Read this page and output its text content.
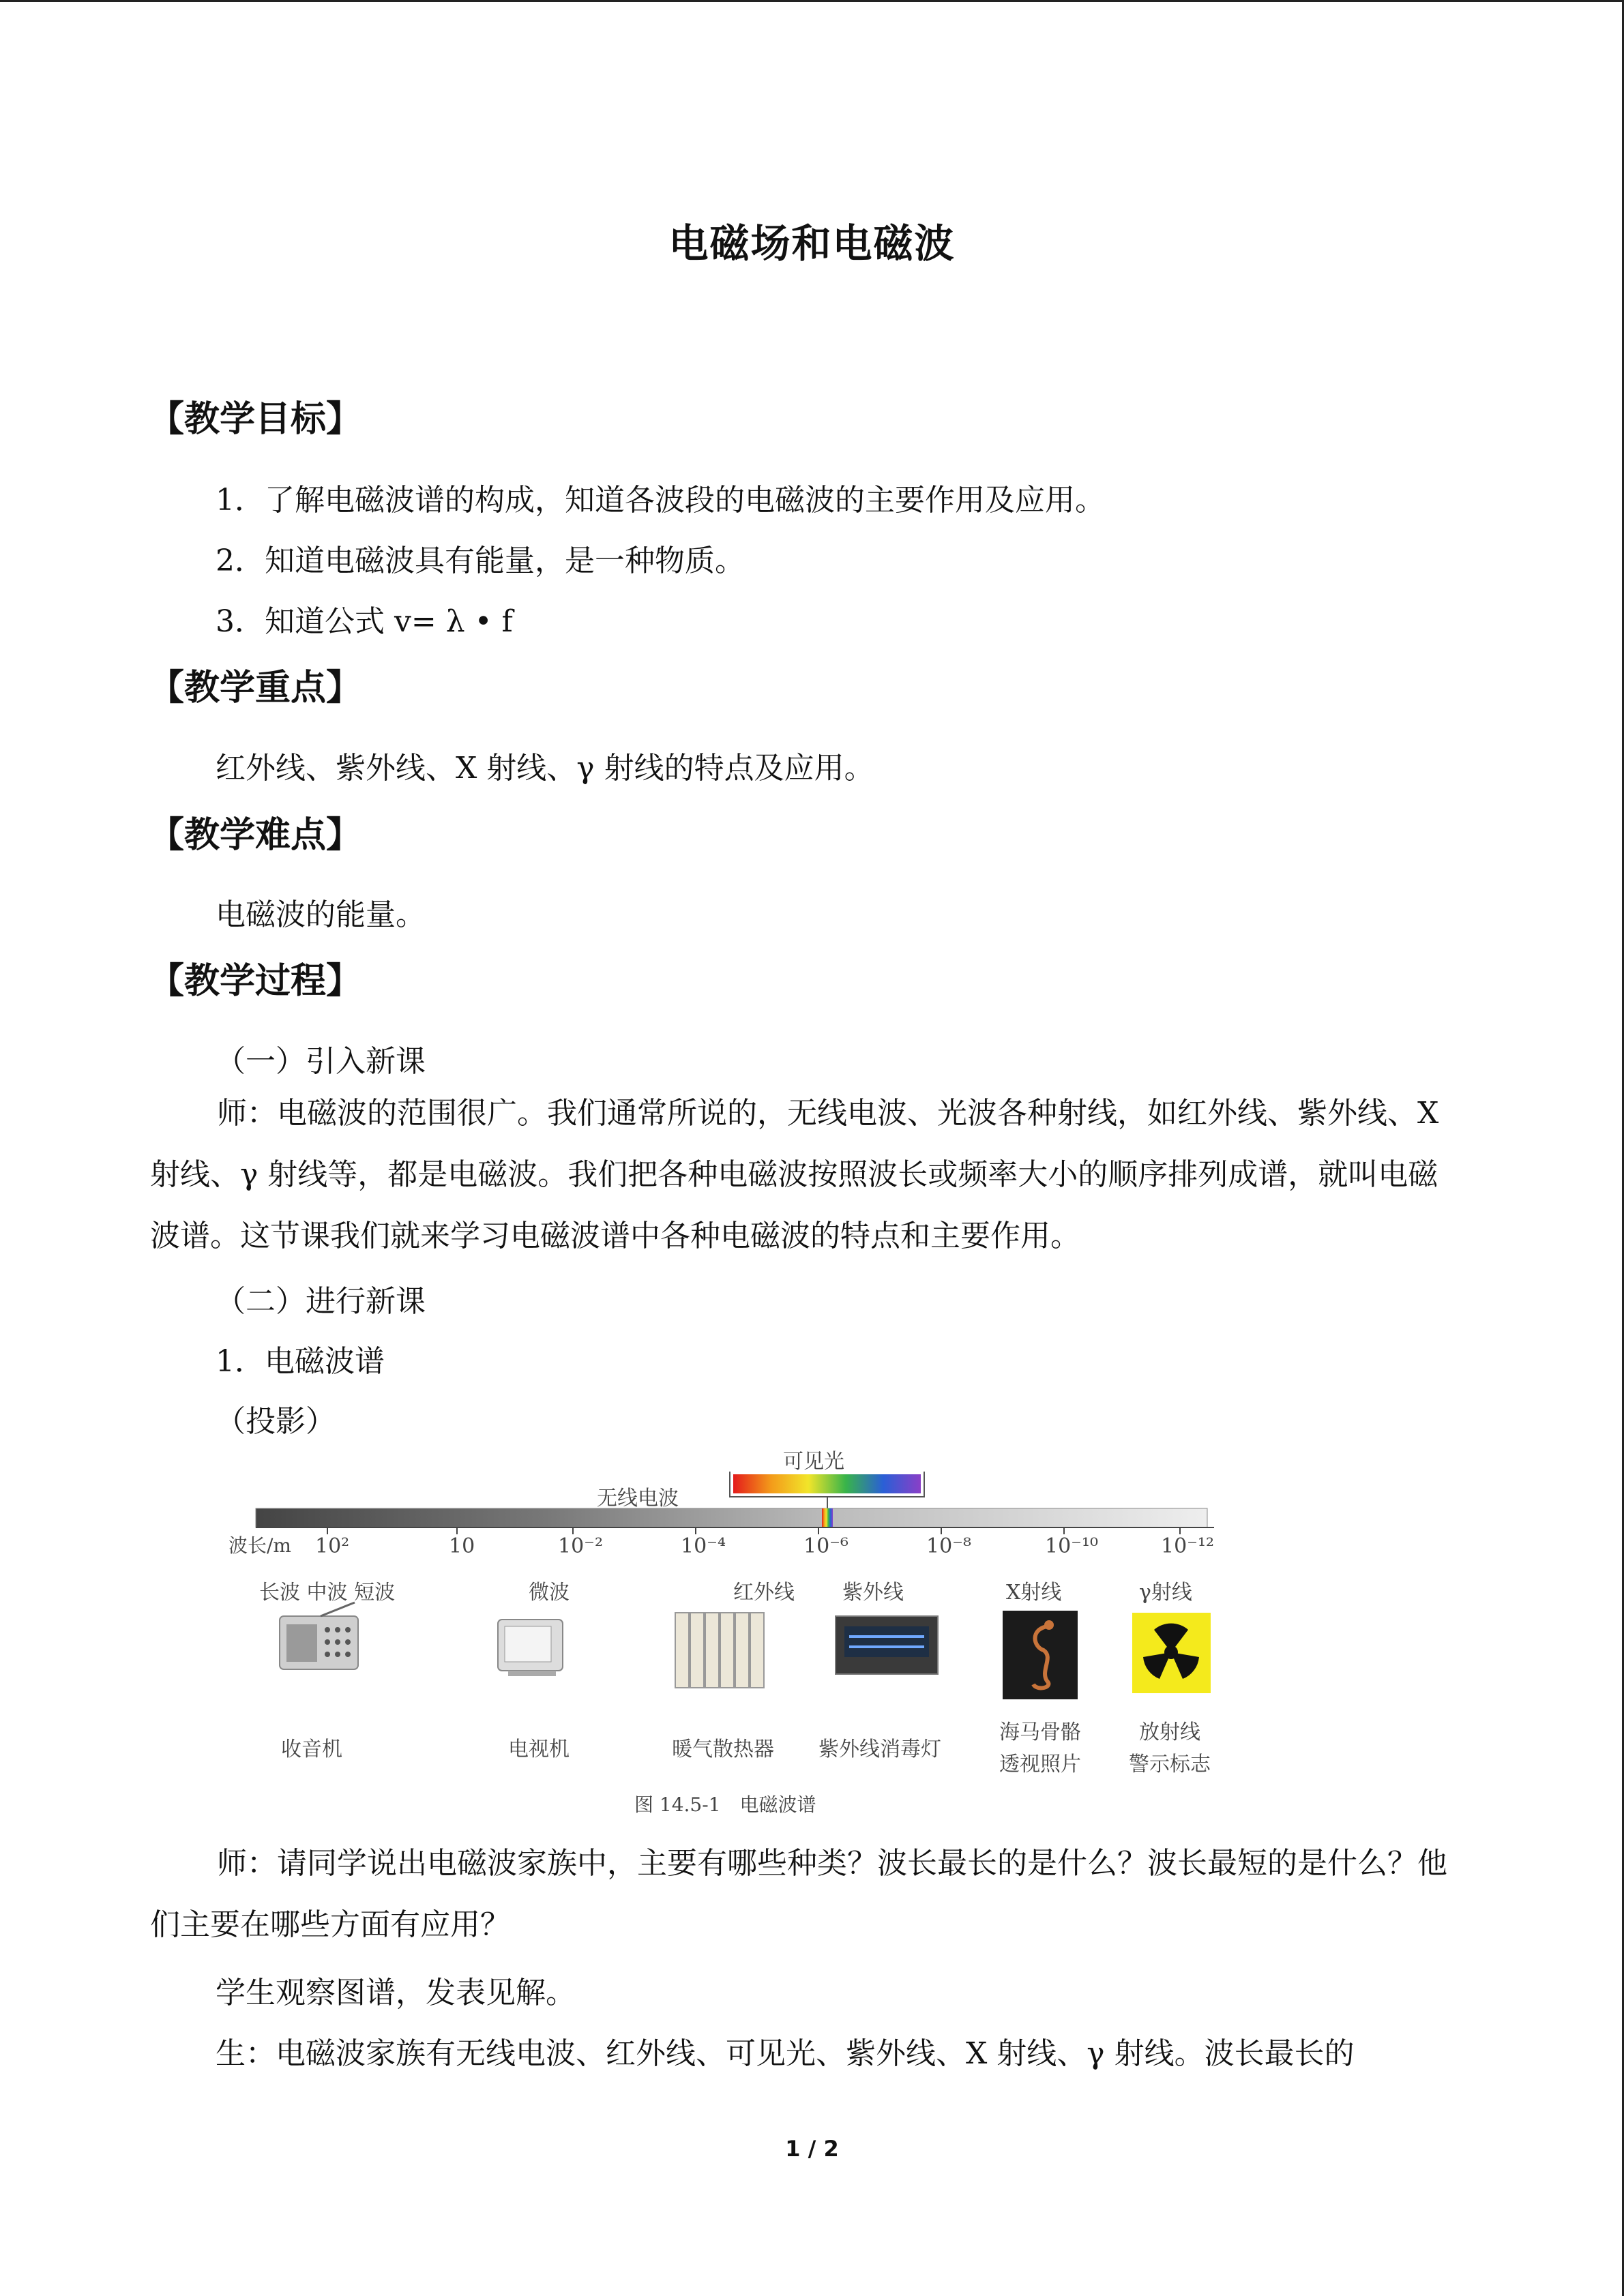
电磁场和电磁波
【教学目标】
1．了解电磁波谱的构成，知道各波段的电磁波的主要作用及应用。
2．知道电磁波具有能量，是一种物质。
3．知道公式 v= λ • f
【教学重点】
红外线、紫外线、X 射线、γ 射线的特点及应用。
【教学难点】
电磁波的能量。
【教学过程】
（一）引入新课
师：电磁波的范围很广。我们通常所说的，无线电波、光波各种射线，如红外线、紫外线、X 射线、γ 射线等，都是电磁波。我们把各种电磁波按照波长或频率大小的顺序排列成谱，就叫电磁波谱。这节课我们就来学习电磁波谱中各种电磁波的特点和主要作用。
（二）进行新课
1．电磁波谱
（投影）
可见光
无线电波
波长/m 10²	10	10⁻²	10⁻⁴	10⁻⁶	10⁻⁸	10⁻¹⁰	10⁻¹²
长波 中波 短波	微波	红外线 紫外线	X射线	γ射线
收音机	电视机	暖气散热器 紫外线消毒灯
海马骨骼
透视照片
放射线
警示标志
图 14.5-1　电磁波谱
师：请同学说出电磁波家族中，主要有哪些种类？波长最长的是什么？波长最短的是什么？他们主要在哪些方面有应用？
学生观察图谱，发表见解。
生：电磁波家族有无线电波、红外线、可见光、紫外线、X 射线、γ 射线。波长最长的
1 / 2
